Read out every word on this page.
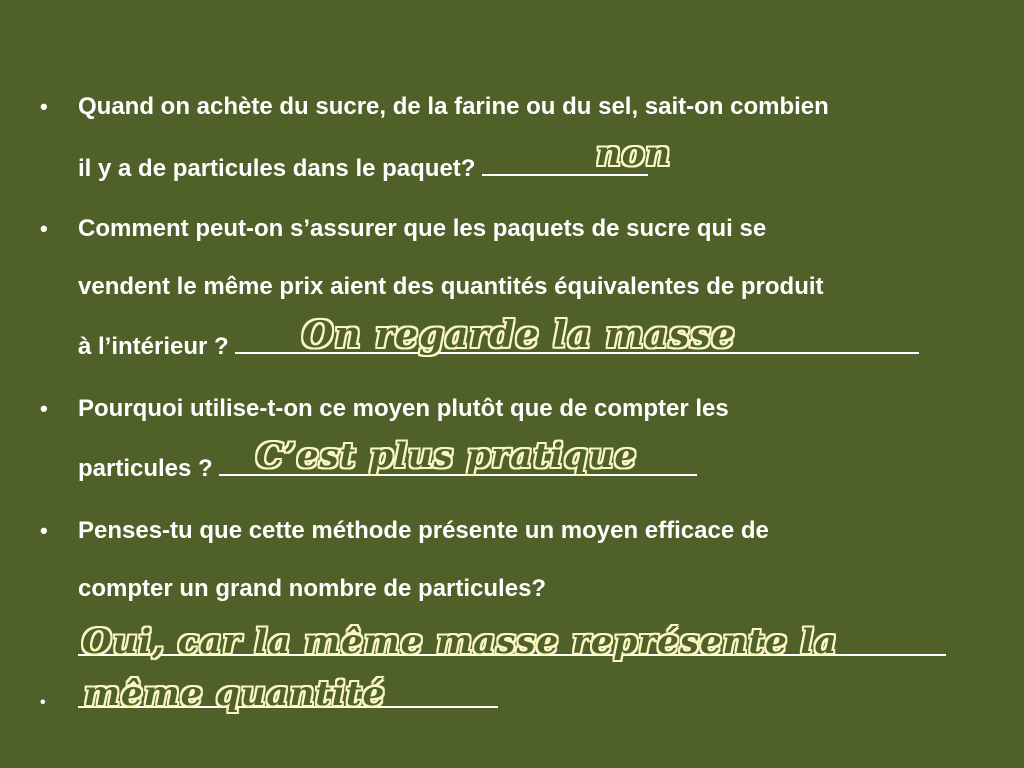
• Quand on achète du sucre, de la farine ou du sel, sait-on combien
il y a de particules dans le paquet?	non
• Comment peut-on s’assurer que les paquets de sucre qui se
vendent le même prix aient des quantités équivalentes de produit
à l’intérieur ?	On regarde la masse
• Pourquoi utilise-t-on ce moyen plutôt que de compter les
particules ?	C’est plus pratique
• Penses-tu que cette méthode présente un moyen efficace de
compter un grand nombre de particules?
•
Oui, car la même masse représente la
même quantité
